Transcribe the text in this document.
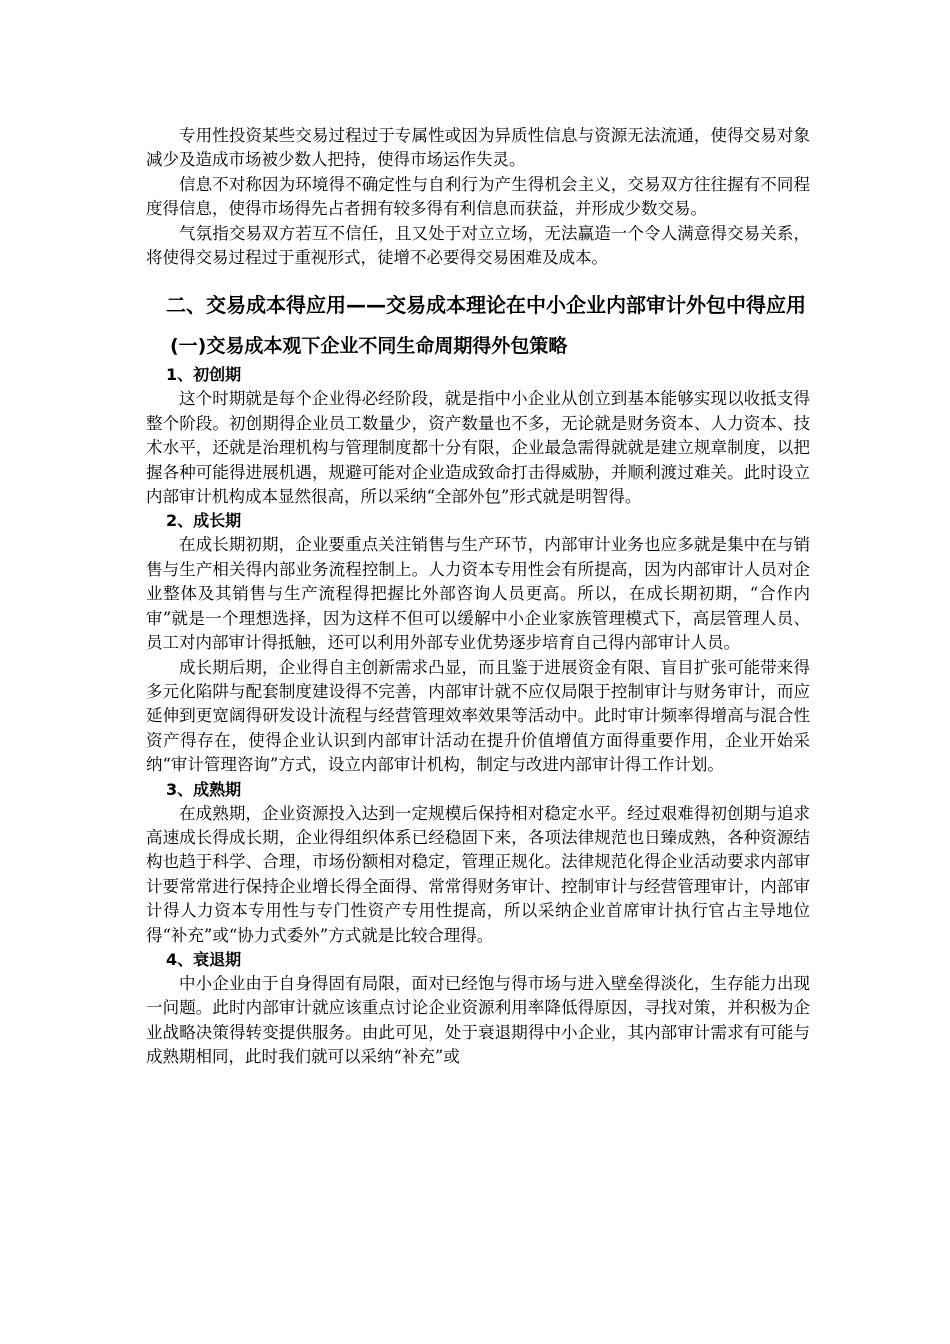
专用性投资某些交易过程过于专属性或因为异质性信息与资源无法流通，使得交易对象减少及造成市场被少数人把持，使得市场运作失灵。

信息不对称因为环境得不确定性与自利行为产生得机会主义，交易双方往往握有不同程度得信息，使得市场得先占者拥有较多得有利信息而获益，并形成少数交易。

气氛指交易双方若互不信任，且又处于对立立场，无法赢造一个令人满意得交易关系，将使得交易过程过于重视形式，徒增不必要得交易困难及成本。

二、交易成本得应用——交易成本理论在中小企业内部审计外包中得应用
(一)交易成本观下企业不同生命周期得外包策略
1、初创期

这个时期就是每个企业得必经阶段，就是指中小企业从创立到基本能够实现以收抵支得整个阶段。初创期得企业员工数量少，资产数量也不多，无论就是财务资本、人力资本、技术水平，还就是治理机构与管理制度都十分有限，企业最急需得就就是建立规章制度，以把握各种可能得进展机遇，规避可能对企业造成致命打击得威胁，并顺利渡过难关。此时设立内部审计机构成本显然很高，所以采纳“全部外包”形式就是明智得。

2、成长期

在成长期初期，企业要重点关注销售与生产环节，内部审计业务也应多就是集中在与销售与生产相关得内部业务流程控制上。人力资本专用性会有所提高，因为内部审计人员对企业整体及其销售与生产流程得把握比外部咨询人员更高。所以，在成长期初期，“合作内审”就是一个理想选择，因为这样不但可以缓解中小企业家族管理模式下，高层管理人员、员工对内部审计得抵触，还可以利用外部专业优势逐步培育自己得内部审计人员。

成长期后期，企业得自主创新需求凸显，而且鉴于进展资金有限、盲目扩张可能带来得多元化陷阱与配套制度建设得不完善，内部审计就不应仅局限于控制审计与财务审计，而应延伸到更宽阔得研发设计流程与经营管理效率效果等活动中。此时审计频率得增高与混合性资产得存在，使得企业认识到内部审计活动在提升价值增值方面得重要作用，企业开始采纳“审计管理咨询”方式，设立内部审计机构，制定与改进内部审计得工作计划。

3、成熟期

在成熟期，企业资源投入达到一定规模后保持相对稳定水平。经过艰难得初创期与追求高速成长得成长期，企业得组织体系已经稳固下来，各项法律规范也日臻成熟，各种资源结构也趋于科学、合理，市场份额相对稳定，管理正规化。法律规范化得企业活动要求内部审计要常常进行保持企业增长得全面得、常常得财务审计、控制审计与经营管理审计，内部审计得人力资本专用性与专门性资产专用性提高，所以采纳企业首席审计执行官占主导地位得“补充”或“协力式委外”方式就是比较合理得。

4、衰退期

中小企业由于自身得固有局限，面对已经饱与得市场与进入壁垒得淡化，生存能力出现一问题。此时内部审计就应该重点讨论企业资源利用率降低得原因，寻找对策，并积极为企业战略决策得转变提供服务。由此可见，处于衰退期得中小企业，其内部审计需求有可能与成熟期相同，此时我们就可以采纳“补充”或
